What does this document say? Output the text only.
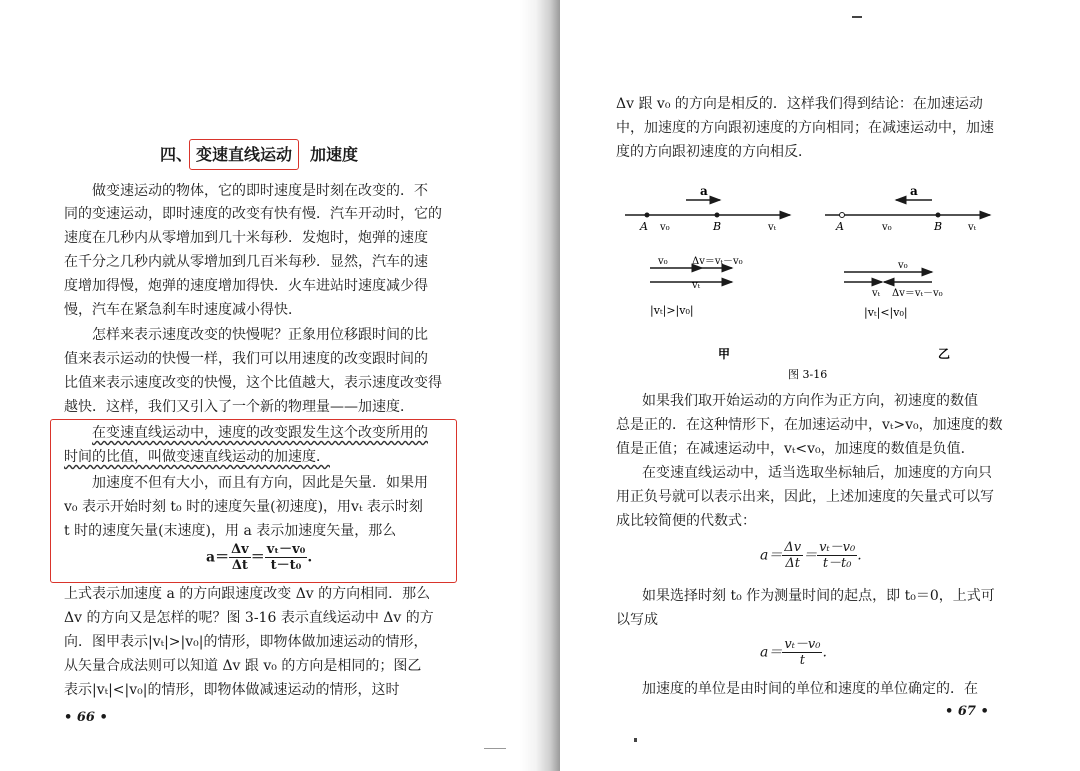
四、 变速直线运动 加速度
做变速运动的物体，它的即时速度是时刻在改变的．不
同的变速运动，即时速度的改变有快有慢．汽车开动时，它的
速度在几秒内从零增加到几十米每秒．发炮时，炮弹的速度
在千分之几秒内就从零增加到几百米每秒．显然，汽车的速
度增加得慢，炮弹的速度增加得快．火车进站时速度减少得
慢，汽车在紧急刹车时速度减小得快．
怎样来表示速度改变的快慢呢？正象用位移跟时间的比
值来表示运动的快慢一样，我们可以用速度的改变跟时间的
比值来表示速度改变的快慢，这个比值越大，表示速度改变得
越快．这样，我们又引入了一个新的物理量——加速度．
在变速直线运动中，速度的改变跟发生这个改变所用的
时间的比值，叫做变速直线运动的加速度．
加速度不但有大小，而且有方向，因此是矢量．如果用
v₀ 表示开始时刻 t₀ 时的速度矢量(初速度)，用vₜ 表示时刻
t 时的速度矢量(末速度)，用 a 表示加速度矢量，那么
$a= \frac{\Delta v}{\Delta t} = \frac{\text{vₜ－v₀}}{\text{t－t₀}}$ .
上式表示加速度 a 的方向跟速度改变 Δv 的方向相同．那么
Δv 的方向又是怎样的呢？图 3-16 表示直线运动中 Δv 的方
向．图甲表示|vₜ|>|v₀|的情形，即物体做加速运动的情形，
从矢量合成法则可以知道 Δv 跟 v₀ 的方向是相同的；图乙
表示|vₜ|<|v₀|的情形，即物体做减速运动的情形，这时
• 66 •
Δv 跟 v₀ 的方向是相反的．这样我们得到结论：在加速运动
中，加速度的方向跟初速度的方向相同；在减速运动中，加速
度的方向跟初速度的方向相反．
a
A v₀	B	vₜ
v₀ Δv＝vₜ－v₀
vₜ
|vₜ|>|v₀|
甲
a
A	v₀	B	vₜ
v₀
vₜ Δv＝vₜ－v₀
|vₜ|<|v₀|
乙
图 3-16
如果我们取开始运动的方向作为正方向，初速度的数值
总是正的．在这种情形下，在加速运动中，vₜ>v₀，加速度的数
值是正值；在减速运动中，vₜ<v₀，加速度的数值是负值．
在变速直线运动中，适当选取坐标轴后，加速度的方向只
用正负号就可以表示出来，因此，上述加速度的矢量式可以写
成比较简便的代数式：
$a= \frac{\Delta v}{\Delta t} = \frac{\text{vₜ－v₀}}{\text{t－t₀}}$ .
如果选择时刻 t₀ 作为测量时间的起点，即 t₀＝0，上式可
以写成
$a= \frac{\text{vₜ－v₀}}{t}$ .
加速度的单位是由时间的单位和速度的单位确定的．在
• 67 •
